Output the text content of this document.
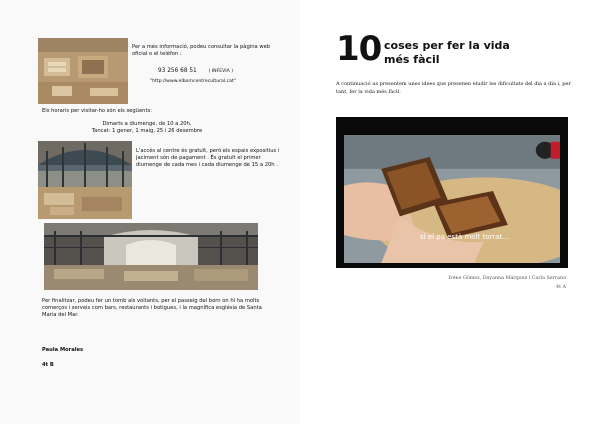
Per a més informació, podeu consultar la pàgina web oficial o el telèfon :
93 256 68 51	( INFEVIA )
"http://www.elborncentrecultural.cat"
Els horaris per visitar-ho són els següents:
Dimarts a diumenge, de 10 a 20h.
Tancat: 1 gener, 1 maig, 25 i 26 desembre
L'accés al centre és gratuït, però els espais expositius i jaciment són de pagament . És gratuït el primer diumenge de cada mes i cada diumenge de 15 a 20h .
Per finalitzar, podeu fer un tomb als voltants, per el passeig del born on hi ha molts comerços i serveis com bars, restaurants i botigues, i la magnífica església de Santa Maria del Mar.
Paula Morales
4t B
10 coses per fer la vida
més fàcil
A continuació us presentem unes idees que presenen eludir les dificultats del dia a dia i, per tant, fer la vida més fàcil.
si el pa està molt torrat...
Irene Gómez, Dayanna Márquez i Carla Serrano
4t A
